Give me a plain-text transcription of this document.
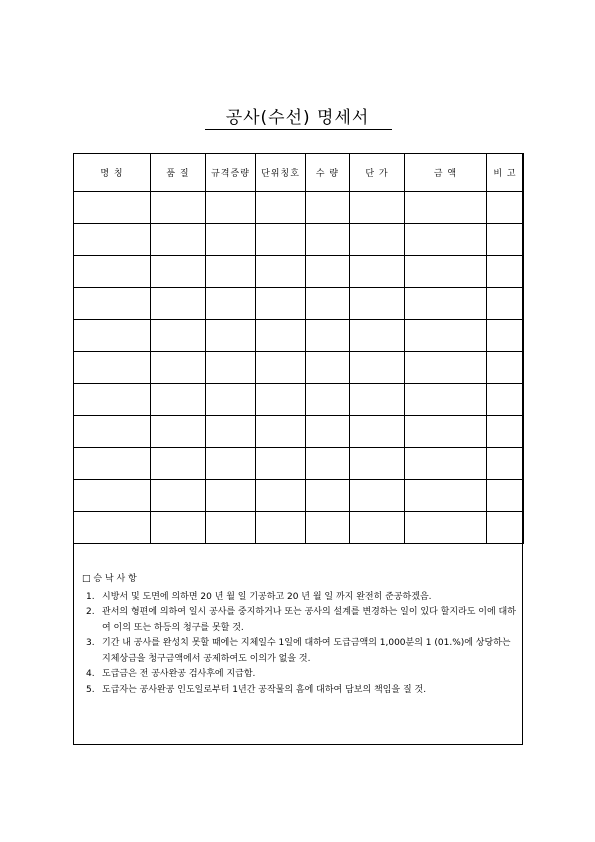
공사(수선) 명세서
명 칭	품 질	규격증량	단위칭호	수 량	단 가	금 액	비 고

□ 승 낙 사 항
1. 시방서 및 도면에 의하면 20 년 월 일 기공하고 20 년 월 일 까지 완전히 준공하겠음.
2. 관서의 형편에 의하여 일시 공사를 중지하거나 또는 공사의 설계를 변경하는 일이 있다 할지라도 이에 대하여 이의 또는 하등의 청구를 못할 것.
3. 기간 내 공사를 완성치 못할 때에는 지체일수 1일에 대하여 도급금액의 1,000분의 1 (01.%)에 상당하는 지체상금을 청구금액에서 공제하여도 이의가 없을 것.
4. 도급금은 전 공사완공 검사후에 지급함.
5. 도급자는 공사완공 인도일로부터 1년간 공작물의 흠에 대하여 담보의 책임을 질 것.
